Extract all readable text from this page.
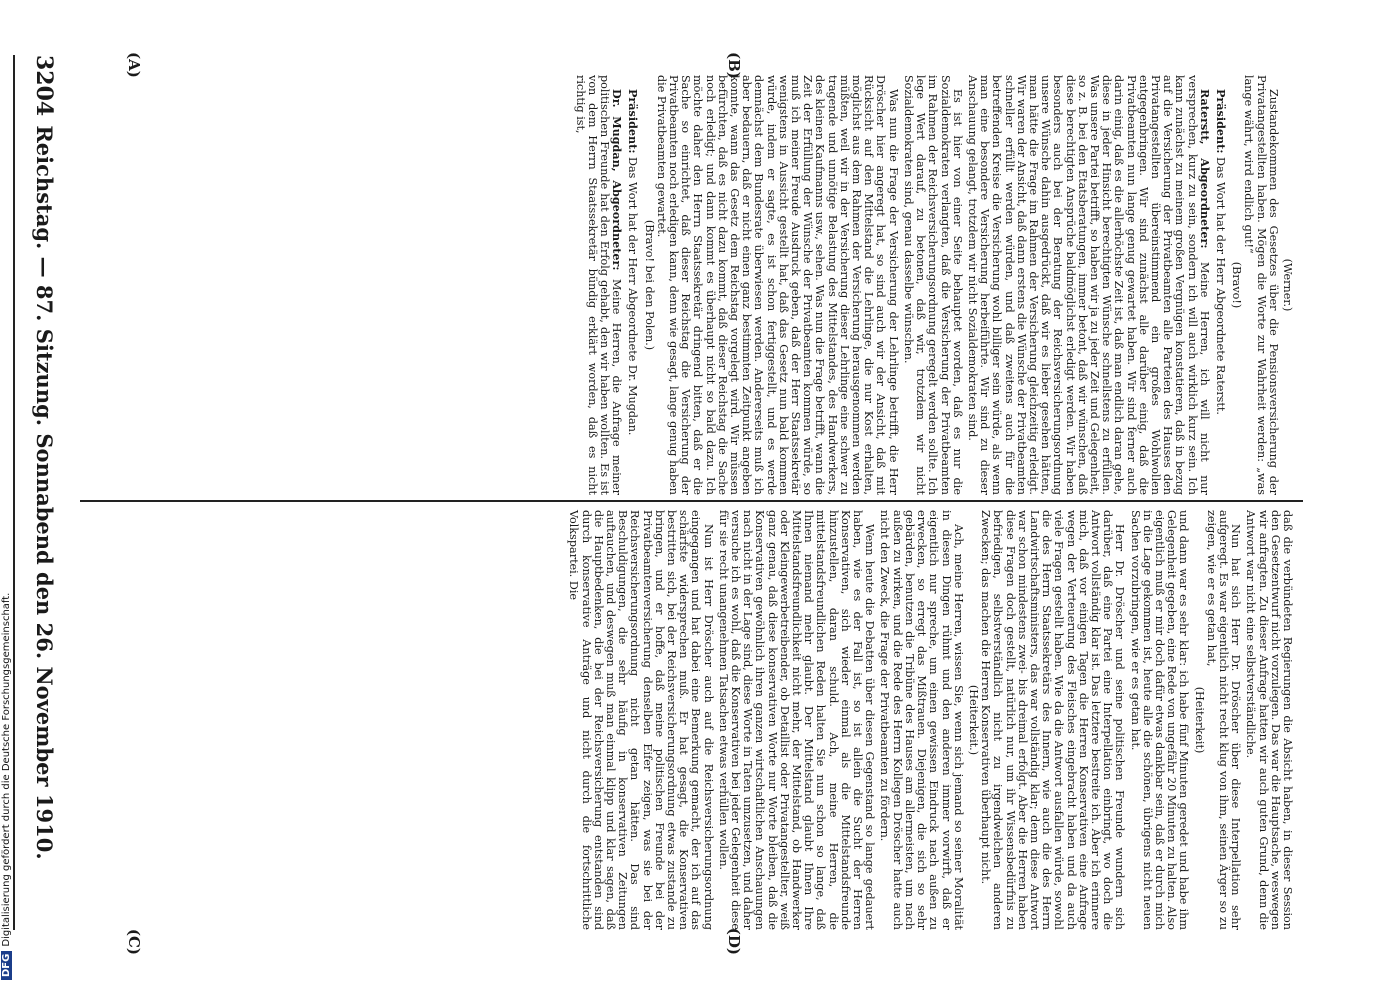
3204
Reichstag. — 87. Sitzung. Sonnabend den 26. November 1910.
(A)	(B)
(C)	(D)

(Werner.)

Zustandekommen des Gesetzes über die Pensionsversicherung der Privatangestellten haben. Mögen die Worte zur Wahrheit werden: „was lange währt, wird endlich gut!“

(Bravo!)

Präsident: Das Wort hat der Herr Abgeordnete Raterstt.

Raterstt, Abgeordneter: Meine Herren, ich will nicht nur versprechen, kurz zu sein, sondern ich will auch wirklich kurz sein. Ich kann zunächst zu meinem großen Vergnügen konstatieren, daß in bezug auf die Versicherung der Privatbeamten alle Parteien des Hauses den Privatangestellten übereinstimmend ein großes Wohlwollen entgegenbringen. Wir sind zunächst alle darüber einig, daß die Privatbeamten nun lange genug gewartet haben. Wir sind ferner auch darin einig, daß es die allerhöchste Zeit ist, daß man endlich daran gehe, diese in jeder Hinsicht berechtigten Wünsche schnellstens zu erfüllen. Was unsere Partei betrifft, so haben wir ja zu jeder Zeit und Gelegenheit, so z. B. bei den Etatsberatungen, immer betont, daß wir wünschen, daß diese berechtigten Ansprüche baldmöglichst erledigt werden. Wir haben besonders auch bei der Beratung der Reichsversicherungsordnung unsere Wünsche dahin ausgedrückt, daß wir es lieber gesehen hätten, man hätte die Frage im Rahmen der Versicherung gleichzeitig erledigt. Wir waren der Ansicht, daß dann erstens die Wünsche der Privatbeamten schneller erfüllt werden würden, und daß zweitens auch für die betreffenden Kreise die Versicherung wohl billiger sein würde, als wenn man eine besondere Versicherung herbeiführte. Wir sind zu dieser Anschauung gelangt, trotzdem wir nicht Sozialdemokraten sind.

Es ist hier von einer Seite behauptet worden, daß es nur die Sozialdemokraten verlangten, daß die Versicherung der Privatbeamten im Rahmen der Reichsversicherungsordnung geregelt werden sollte. Ich lege Wert darauf, zu betonen, daß wir, trotzdem wir nicht Sozialdemokraten sind, genau dasselbe wünschen.

Was nun die Frage der Versicherung der Lehrlinge betrifft, die Herr Dröscher hier angeregt hat, so sind auch wir der Ansicht, daß mit Rücksicht auf den Mittelstand die Lehrlinge, die nur Kost erhalten, möglichst aus dem Rahmen der Versicherung herausgenommen werden müßten, weil wir in der Versicherung dieser Lehrlinge eine schwer zu tragende und unnötige Belastung des Mittelstandes, des Handwerkers, des kleinen Kaufmanns usw., sehen. Was nun die Frage betrifft, wann die Zeit der Erfüllung der Wünsche der Privatbeamten kommen würde, so muß ich meiner Freude Ausdruck geben, daß der Herr Staatssekretär wenigstens in Aussicht gestellt hat, daß das Gesetz nun bald kommen würde, indem er sagte, es ist schon fertiggestellt, und es werde demnächst dem Bundesrate überwiesen werden. Andererseits muß ich aber bedauern, daß er nicht einen ganz bestimmten Zeitpunkt angeben konnte, wann das Gesetz dem Reichstag vorgelegt wird. Wir müssen befürchten, daß es nicht dazu kommt, daß dieser Reichstag die Sache noch erledigt; und dann kommt es überhaupt nicht so bald dazu. Ich möchte daher den Herrn Staatssekretär dringend bitten, daß er die Sache so einrichtet, daß dieser Reichstag die Versicherung der Privatbeamten noch erledigen kann, denn wie gesagt, lange genug haben die Privatbeamten gewartet.

(Bravo! bei den Polen.)

Präsident: Das Wort hat der Herr Abgeordnete Dr. Mugdan.

Dr. Mugdan, Abgeordneter: Meine Herren, die Anfrage meiner politischen Freunde hat den Erfolg gehabt, den wir haben wollten. Es ist von dem Herrn Staatssekretär bündig erklärt worden, daß es nicht richtig ist,

daß die verbündeten Regierungen die Absicht haben, in dieser Session den Gesetzentwurf nicht vorzulegen. Das war die Hauptsache, weswegen wir anfragten. Zu dieser Anfrage hatten wir auch guten Grund, denn die Antwort war nicht eine selbstverständliche.

Nun hat sich Herr Dr. Dröscher über diese Interpellation sehr aufgeregt. Es war eigentlich nicht recht klug von ihm, seinen Ärger so zu zeigen, wie er es getan hat,

(Heiterkeit)

und dann war es sehr klar: ich habe fünf Minuten geredet und habe ihm Gelegenheit gegeben, eine Rede von ungefähr 20 Minuten zu halten. Also eigentlich muß er mir doch dafür etwas dankbar sein, daß er durch mich in die Lage gekommen ist, heute alle die schönen, übrigens nicht neuen Sachen vorzubringen, wie er es getan hat.

Herr Dr. Dröscher und seine politischen Freunde wundern sich darüber, daß eine Partei eine Interpellation einbringt, wo doch die Antwort vollständig klar ist. Das letztere bestreite ich. Aber ich erinnere mich, daß vor einigen Tagen die Herren Konservativen eine Anfrage wegen der Verteuerung des Fleisches eingebracht haben und da auch viele Fragen gestellt haben. Wie da die Antwort ausfallen würde, sowohl die des Herrn Staatssekretärs des Innern, wie auch die des Herrn Landwirtschaftsministers, das war vollständig klar; denn diese Antwort war schon mindestens zwei- bis dreimal erfolgt. Aber die Herren haben diese Fragen doch gestellt, natürlich nur, um ihr Wissensbedürfnis zu befriedigen, selbstverständlich nicht zu irgendwelchen anderen Zwecken; das machen die Herren Konservativen überhaupt nicht.

(Heiterkeit.)

Ach, meine Herren, wissen Sie, wenn sich jemand so seiner Moralität in diesen Dingen rühmt und den anderen immer vorwirft, daß er eigentlich nur spreche, um einen gewissen Eindruck nach außen zu erwecken, so erregt das Mißtrauen. Diejenigen, die sich so sehr gebärden, benutzen die Tribüne des Hauses am allermeisten, um nach außen zu wirken, und die Rede des Herrn Kollegen Dröscher hatte auch nicht den Zweck, die Frage der Privatbeamten zu fördern.

Wenn heute die Debatten über diesen Gegenstand so lange gedauert haben, wie es der Fall ist, so ist allein die Sucht der Herren Konservativen, sich wieder einmal als die Mittelstandsfreunde hinzustellen, daran schuld. Ach, meine Herren, die mittelstandsfreundlichen Reden halten Sie nun schon so lange, daß Ihnen niemand mehr glaubt. Der Mittelstand glaubt Ihnen Ihre Mittelstandsfreundlichkeit nicht mehr, der Mittelstand, ob Handwerker oder Kleingewerbetreibender, ob Detaillist oder Privatangestellter, weiß ganz genau, daß diese konservativen Worte nur Worte bleiben, daß die Konservativen gewöhnlich ihren ganzen wirtschaftlichen Anschauungen nach nicht in der Lage sind, diese Worte in Taten umzusetzen, und daher versuche ich es wohl, daß die Konservativen bei jeder Gelegenheit diese für sie recht unangenehmen Tatsachen etwas verhüllen wollen.

Nun ist Herr Dröscher auch auf die Reichsversicherungsordnung eingegangen und hat dabei eine Bemerkung gemacht, der ich auf das schärfste widersprechen muß. Er hat gesagt, die Konservativen bestritten sich, bei der Reichsversicherungsordnung etwas zustande zu bringen, und er hoffe, daß meine politischen Freunde bei der Privatbeamtenversicherung denselben Eifer zeigen, was sie bei der Reichsversicherungsordnung nicht getan hätten. Das sind Beschuldigungen, die sehr häufig in konservativen Zeitungen auftauchen, und deswegen muß man einmal klipp und klar sagen, daß die Hauptbedenken, die bei der Reichsversicherung entstanden sind durch konservative Anträge und nicht durch die fortschrittliche Volkspartei. Die

DFGDigitalisierung gefördert durch die Deutsche Forschungsgemeinschaft.
